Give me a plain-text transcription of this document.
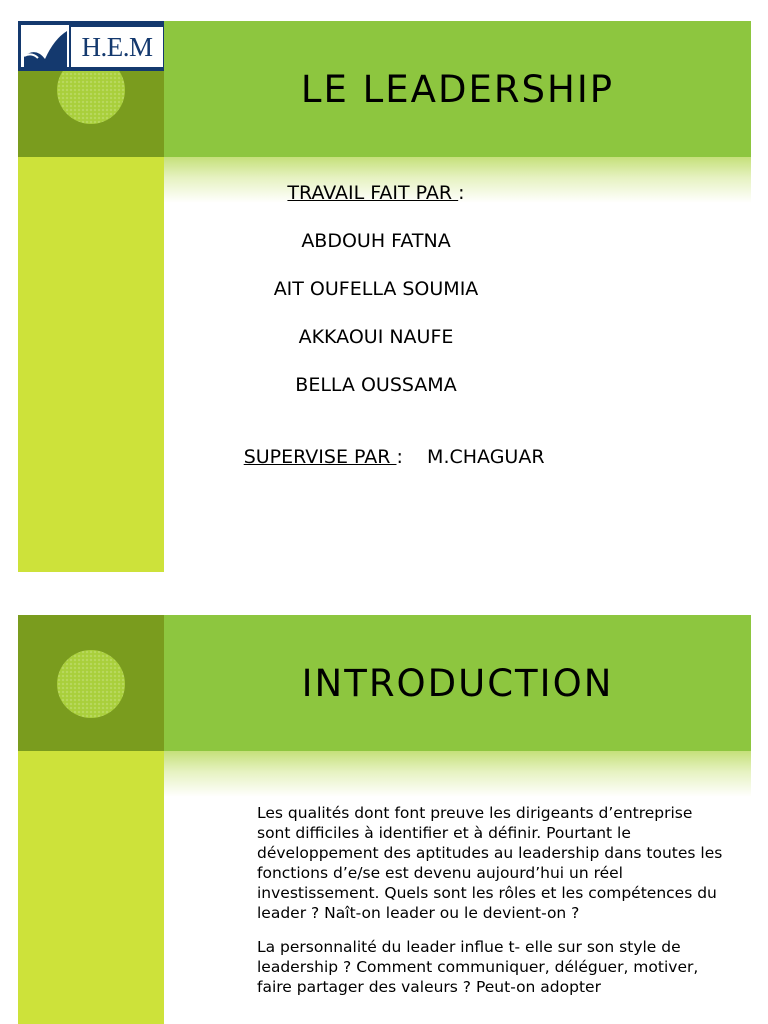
H.E.M
LE LEADERSHIP
TRAVAIL FAIT PAR :
ABDOUH FATNA
AIT OUFELLA SOUMIA
AKKAOUI NAUFE
BELLA OUSSAMA

SUPERVISE PAR :    M.CHAGUAR

INTRODUCTION

Les qualités dont font preuve les dirigeants d’entreprise sont difficiles à identifier et à définir. Pourtant le développement des aptitudes au leadership dans toutes les fonctions d’e/se est devenu aujourd’hui un réel investissement. Quels sont les rôles et les compétences du leader ? Naît-on leader ou le devient-on ?

La personnalité du leader influe t- elle sur son style de leadership ? Comment communiquer, déléguer, motiver, faire partager des valeurs ? Peut-on adopter
